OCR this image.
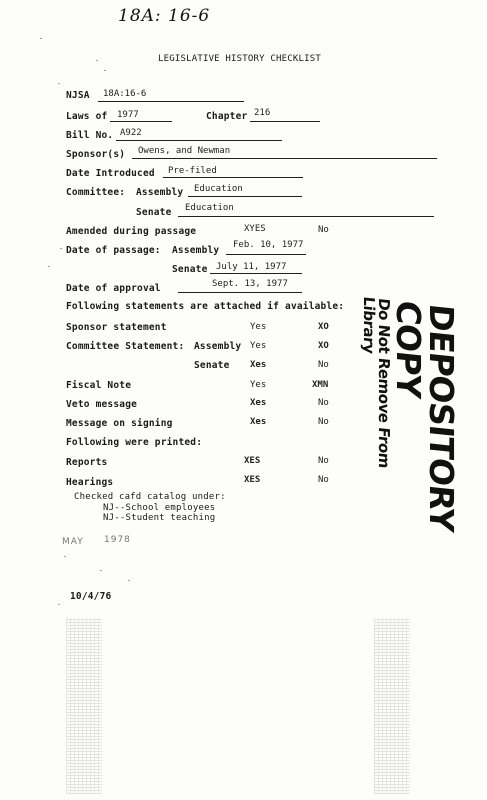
18A: 16-6
LEGISLATIVE HISTORY CHECKLIST
NJSA 18A:16-6
Laws of 1977	Chapter 216
Bill No. A922
Sponsor(s) Owens, and Newman
Date Introduced Pre-filed
Committee: Assembly Education
Senate Education
Amended during passage	XYES	No
Date of passage: Assembly Feb. 10, 1977
Senate July 11, 1977
Date of approval	Sept. 13, 1977
Following statements are attached if available:
Sponsor statement	Yes	XO
Committee Statement: Assembly Yes	XO
Senate Xes	No
Fiscal Note	Yes	XMN
Veto message	Xes	No
Message on signing	Xes	No
Following were printed:
Reports	XES	No
Hearings	XES	No
Checked cafd catalog under:
NJ--School employees
NJ--Student teaching
MAY 1978
10/4/76
DEPOSITORY COPY
Do Not Remove From Library
